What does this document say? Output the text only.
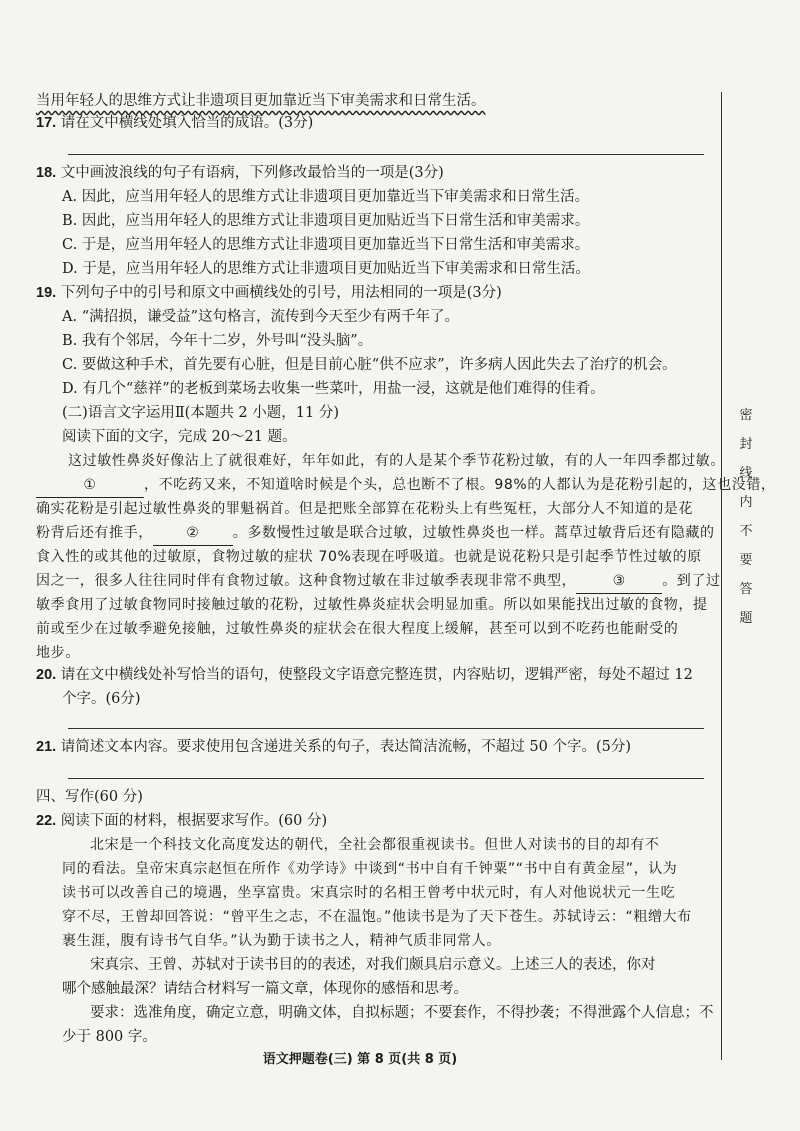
当用年轻人的思维方式让非遗项目更加靠近当下审美需求和日常生活。
17. 请在文中横线处填入恰当的成语。(3分)
18. 文中画波浪线的句子有语病，下列修改最恰当的一项是(3分)
A. 因此，应当用年轻人的思维方式让非遗项目更加靠近当下审美需求和日常生活。
B. 因此，应当用年轻人的思维方式让非遗项目更加贴近当下日常生活和审美需求。
C. 于是，应当用年轻人的思维方式让非遗项目更加靠近当下日常生活和审美需求。
D. 于是，应当用年轻人的思维方式让非遗项目更加贴近当下审美需求和日常生活。
19. 下列句子中的引号和原文中画横线处的引号，用法相同的一项是(3分)
A. “满招损，谦受益”这句格言，流传到今天至少有两千年了。
B. 我有个邻居，今年十二岁，外号叫“没头脑”。
C. 要做这种手术，首先要有心脏，但是目前心脏“供不应求”，许多病人因此失去了治疗的机会。
D. 有几个“慈祥”的老板到菜场去收集一些菜叶，用盐一浸，这就是他们难得的佳肴。
(二)语言文字运用Ⅱ(本题共 2 小题，11 分)
阅读下面的文字，完成 20～21 题。
这过敏性鼻炎好像沾上了就很难好，年年如此，有的人是某个季节花粉过敏，有的人一年四季都过敏。
①	，不吃药又来，不知道啥时候是个头，总也断不了根。98%的人都认为是花粉引起的，这也没错，
确实花粉是引起过敏性鼻炎的罪魁祸首。但是把账全部算在花粉头上有些冤枉，大部分人不知道的是花
粉背后还有推手， ② 。多数慢性过敏是联合过敏，过敏性鼻炎也一样。蒿草过敏背后还有隐藏的
食入性的或其他的过敏原，食物过敏的症状 70%表现在呼吸道。也就是说花粉只是引起季节性过敏的原
因之一，很多人往往同时伴有食物过敏。这种食物过敏在非过敏季表现非常不典型，	③	。到了过
敏季食用了过敏食物同时接触过敏的花粉，过敏性鼻炎症状会明显加重。所以如果能找出过敏的食物，提
前或至少在过敏季避免接触，过敏性鼻炎的症状会在很大程度上缓解，甚至可以到不吃药也能耐受的
地步。
20. 请在文中横线处补写恰当的语句，使整段文字语意完整连贯，内容贴切，逻辑严密，每处不超过 12
个字。(6分)
21. 请简述文本内容。要求使用包含递进关系的句子，表达简洁流畅，不超过 50 个字。(5分)
四、写作(60 分)
22. 阅读下面的材料，根据要求写作。(60 分)
北宋是一个科技文化高度发达的朝代，全社会都很重视读书。但世人对读书的目的却有不
同的看法。皇帝宋真宗赵恒在所作《劝学诗》中谈到“书中自有千钟粟”“书中自有黄金屋”，认为
读书可以改善自己的境遇，坐享富贵。宋真宗时的名相王曾考中状元时，有人对他说状元一生吃
穿不尽，王曾却回答说：“曾平生之志，不在温饱。”他读书是为了天下苍生。苏轼诗云：“粗缯大布
裹生涯，腹有诗书气自华。”认为勤于读书之人，精神气质非同常人。
宋真宗、王曾、苏轼对于读书目的的表述，对我们颇具启示意义。上述三人的表述，你对
哪个感触最深？请结合材料写一篇文章，体现你的感悟和思考。
要求：选准角度，确定立意，明确文体，自拟标题；不要套作，不得抄袭；不得泄露个人信息；不
少于 800 字。
密
封
线
内
不
要
答
题
语文押题卷(三) 第 8 页(共 8 页)
